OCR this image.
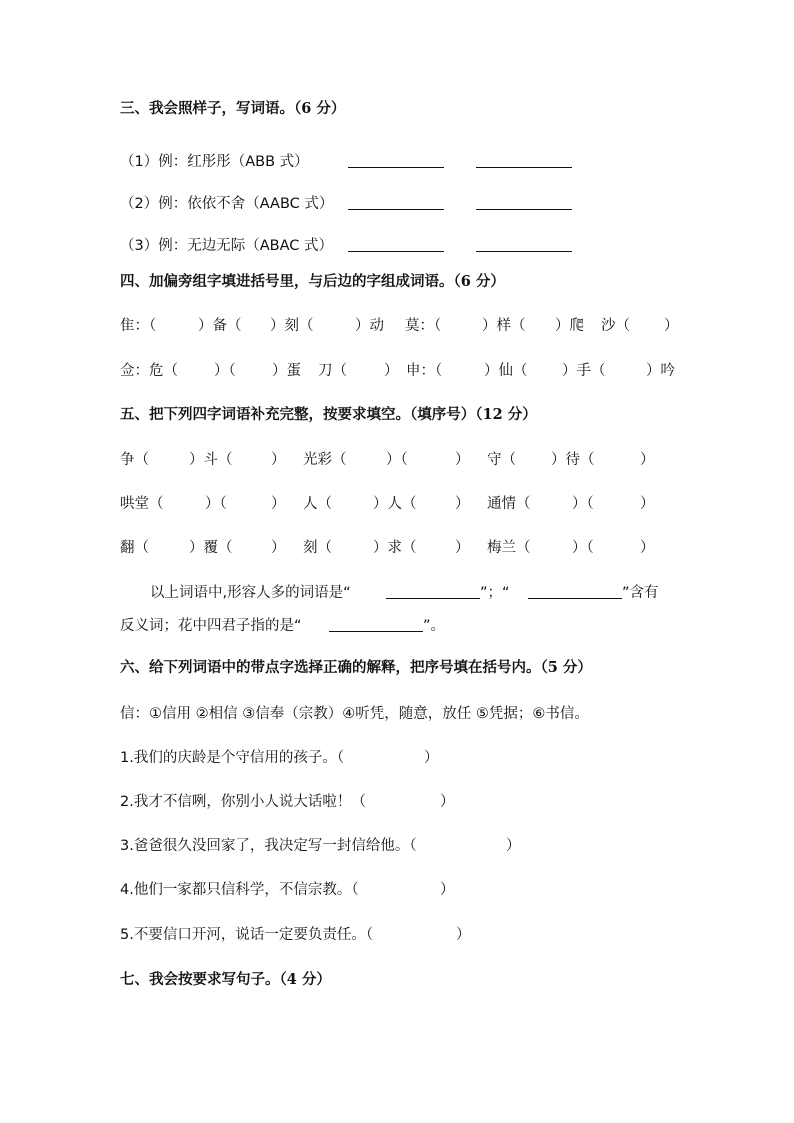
三、我会照样子，写词语。（6 分）
（1）例：红彤彤（ABB 式）
（2）例：依依不舍（AABC 式）
（3）例：无边无际（ABAC 式）
四、加偏旁组字填进括号里，与后边的字组成词语。（6 分）
隹：（	）备（ ）刻（	）动 莫：（	）样（ ）爬 沙（ ）
佥：危（ ）（	）蛋 刀（	） 申：（	）仙（ ）手（	）吟
五、把下列四字词语补充完整，按要求填空。（填序号）（12 分）
争（	）斗（	） 光彩（	）（	） 守（ ）待（	）
哄堂（	）（	） 人（	）人（	） 通情（	）（	）
翻（	）覆（	） 刻（	）求（	） 梅兰（	）（	）
以上词语中,形容人多的词语是“	”；“	”含有
反义词；花中四君子指的是“	”。
六、给下列词语中的带点字选择正确的解释，把序号填在括号内。（5 分）
信：①信用 ②相信 ③信奉（宗教）④听凭，随意，放任 ⑤凭据；⑥书信。
1.我们的庆龄是个守信用的孩子。（	）
2.我才不信咧，你别小人说大话啦！（	）
3.爸爸很久没回家了，我决定写一封信给他。（	）
4.他们一家都只信科学，不信宗教。（	）
5.不要信口开河，说话一定要负责任。（	）
七、我会按要求写句子。（4 分）
